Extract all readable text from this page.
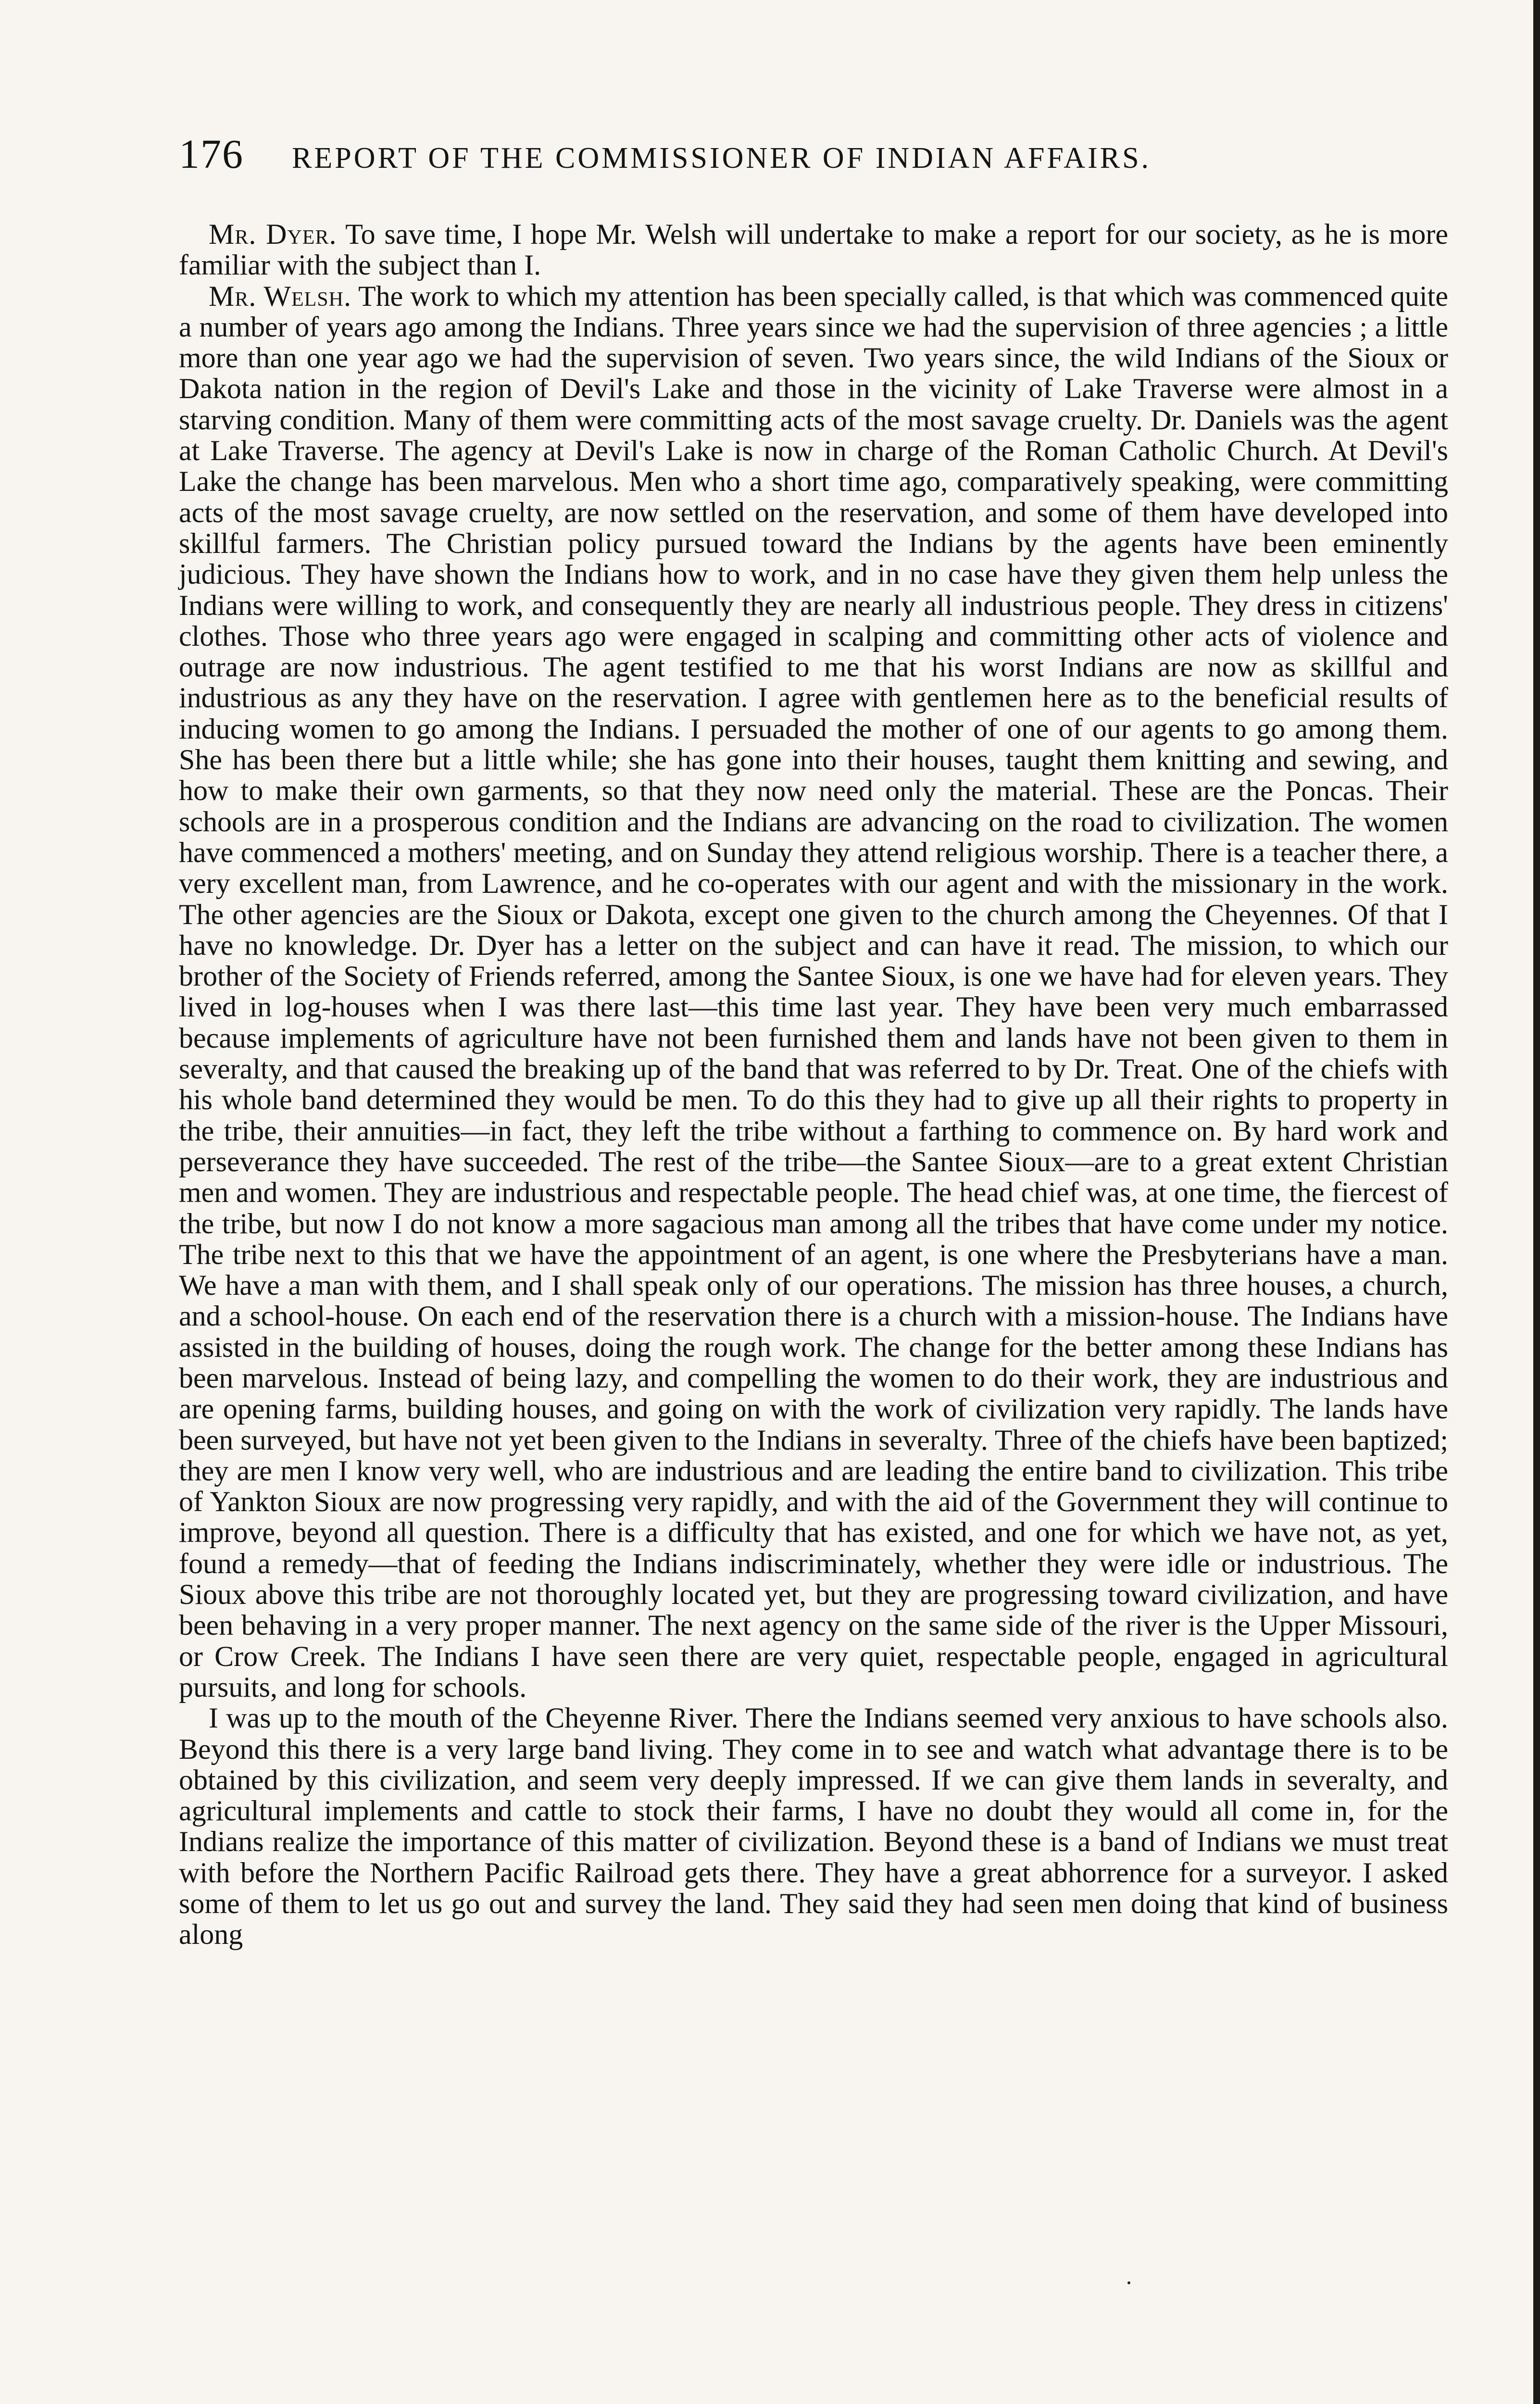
176 REPORT OF THE COMMISSIONER OF INDIAN AFFAIRS.

Mr. Dyer. To save time, I hope Mr. Welsh will undertake to make a report for our society, as he is more familiar with the subject than I.

Mr. Welsh. The work to which my attention has been specially called, is that which was commenced quite a number of years ago among the Indians. Three years since we had the supervision of three agencies ; a little more than one year ago we had the supervision of seven. Two years since, the wild Indians of the Sioux or Dakota nation in the region of Devil's Lake and those in the vicinity of Lake Traverse were almost in a starving condition. Many of them were committing acts of the most savage cruelty. Dr. Daniels was the agent at Lake Traverse. The agency at Devil's Lake is now in charge of the Roman Catholic Church. At Devil's Lake the change has been marvelous. Men who a short time ago, comparatively speaking, were committing acts of the most savage cruelty, are now settled on the reservation, and some of them have developed into skillful farmers. The Christian policy pursued toward the Indians by the agents have been eminently judicious. They have shown the Indians how to work, and in no case have they given them help unless the Indians were willing to work, and consequently they are nearly all industrious people. They dress in citizens' clothes. Those who three years ago were engaged in scalping and committing other acts of violence and outrage are now industrious. The agent testified to me that his worst Indians are now as skillful and industrious as any they have on the reservation. I agree with gentlemen here as to the beneficial results of inducing women to go among the Indians. I persuaded the mother of one of our agents to go among them. She has been there but a little while; she has gone into their houses, taught them knitting and sewing, and how to make their own garments, so that they now need only the material. These are the Poncas. Their schools are in a prosperous condition and the Indians are advancing on the road to civilization. The women have commenced a mothers' meeting, and on Sunday they attend religious worship. There is a teacher there, a very excellent man, from Lawrence, and he co-operates with our agent and with the missionary in the work. The other agencies are the Sioux or Dakota, except one given to the church among the Cheyennes. Of that I have no knowledge. Dr. Dyer has a letter on the subject and can have it read. The mission, to which our brother of the Society of Friends referred, among the Santee Sioux, is one we have had for eleven years. They lived in log-houses when I was there last—this time last year. They have been very much embarrassed because implements of agriculture have not been furnished them and lands have not been given to them in severalty, and that caused the breaking up of the band that was referred to by Dr. Treat. One of the chiefs with his whole band determined they would be men. To do this they had to give up all their rights to property in the tribe, their annuities—in fact, they left the tribe without a farthing to commence on. By hard work and perseverance they have succeeded. The rest of the tribe—the Santee Sioux—are to a great extent Christian men and women. They are industrious and respectable people. The head chief was, at one time, the fiercest of the tribe, but now I do not know a more sagacious man among all the tribes that have come under my notice. The tribe next to this that we have the appointment of an agent, is one where the Presbyterians have a man. We have a man with them, and I shall speak only of our operations. The mission has three houses, a church, and a school-house. On each end of the reservation there is a church with a mission-house. The Indians have assisted in the building of houses, doing the rough work. The change for the better among these Indians has been marvelous. Instead of being lazy, and compelling the women to do their work, they are industrious and are opening farms, building houses, and going on with the work of civilization very rapidly. The lands have been surveyed, but have not yet been given to the Indians in severalty. Three of the chiefs have been baptized; they are men I know very well, who are industrious and are leading the entire band to civilization. This tribe of Yankton Sioux are now progressing very rapidly, and with the aid of the Government they will continue to improve, beyond all question. There is a difficulty that has existed, and one for which we have not, as yet, found a remedy—that of feeding the Indians indiscriminately, whether they were idle or industrious. The Sioux above this tribe are not thoroughly located yet, but they are progressing toward civilization, and have been behaving in a very proper manner. The next agency on the same side of the river is the Upper Missouri, or Crow Creek. The Indians I have seen there are very quiet, respectable people, engaged in agricultural pursuits, and long for schools.

I was up to the mouth of the Cheyenne River. There the Indians seemed very anxious to have schools also. Beyond this there is a very large band living. They come in to see and watch what advantage there is to be obtained by this civilization, and seem very deeply impressed. If we can give them lands in severalty, and agricultural implements and cattle to stock their farms, I have no doubt they would all come in, for the Indians realize the importance of this matter of civilization. Beyond these is a band of Indians we must treat with before the Northern Pacific Railroad gets there. They have a great abhorrence for a surveyor. I asked some of them to let us go out and survey the land. They said they had seen men doing that kind of business along
